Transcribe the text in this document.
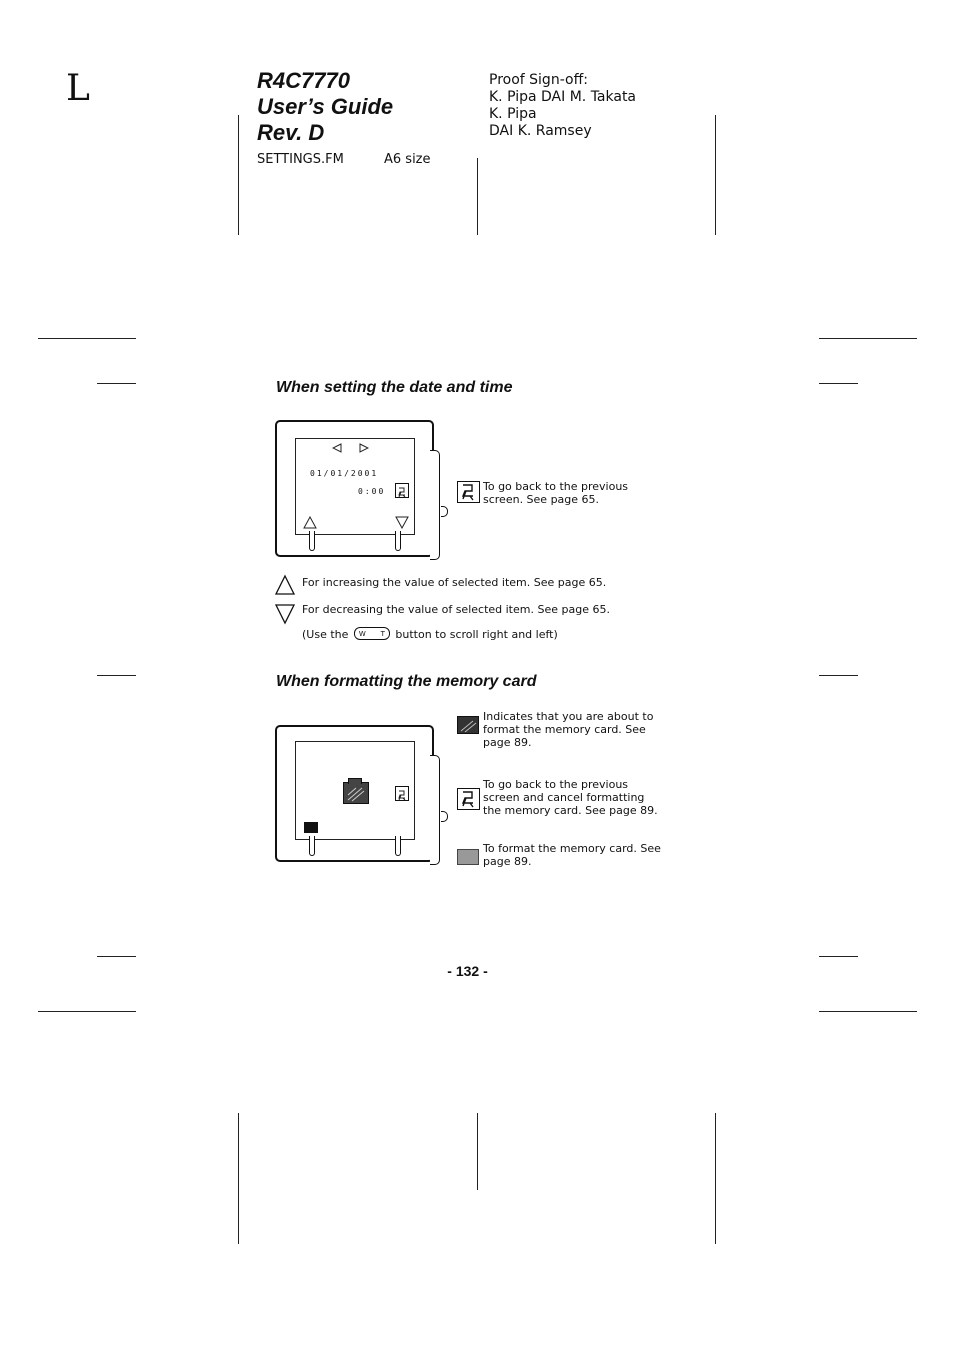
L	R4C7770
User’s Guide
Rev. D
SETTINGS.FM	A6 size
Proof Sign-off:
K. Pipa DAI M. Takata
K. Pipa
DAI K. Ramsey
When setting the date and time
01/01/2001
0:00	To go back to the previous screen. See page 65.
For increasing the value of selected item. See page 65.
For decreasing the value of selected item. See page 65.
(Use the W T button to scroll right and left)
When formatting the memory card
Indicates that you are about to format the memory card. See page 89.
To go back to the previous screen and cancel formatting the memory card. See page 89.
To format the memory card. See page 89.
- 132 -
